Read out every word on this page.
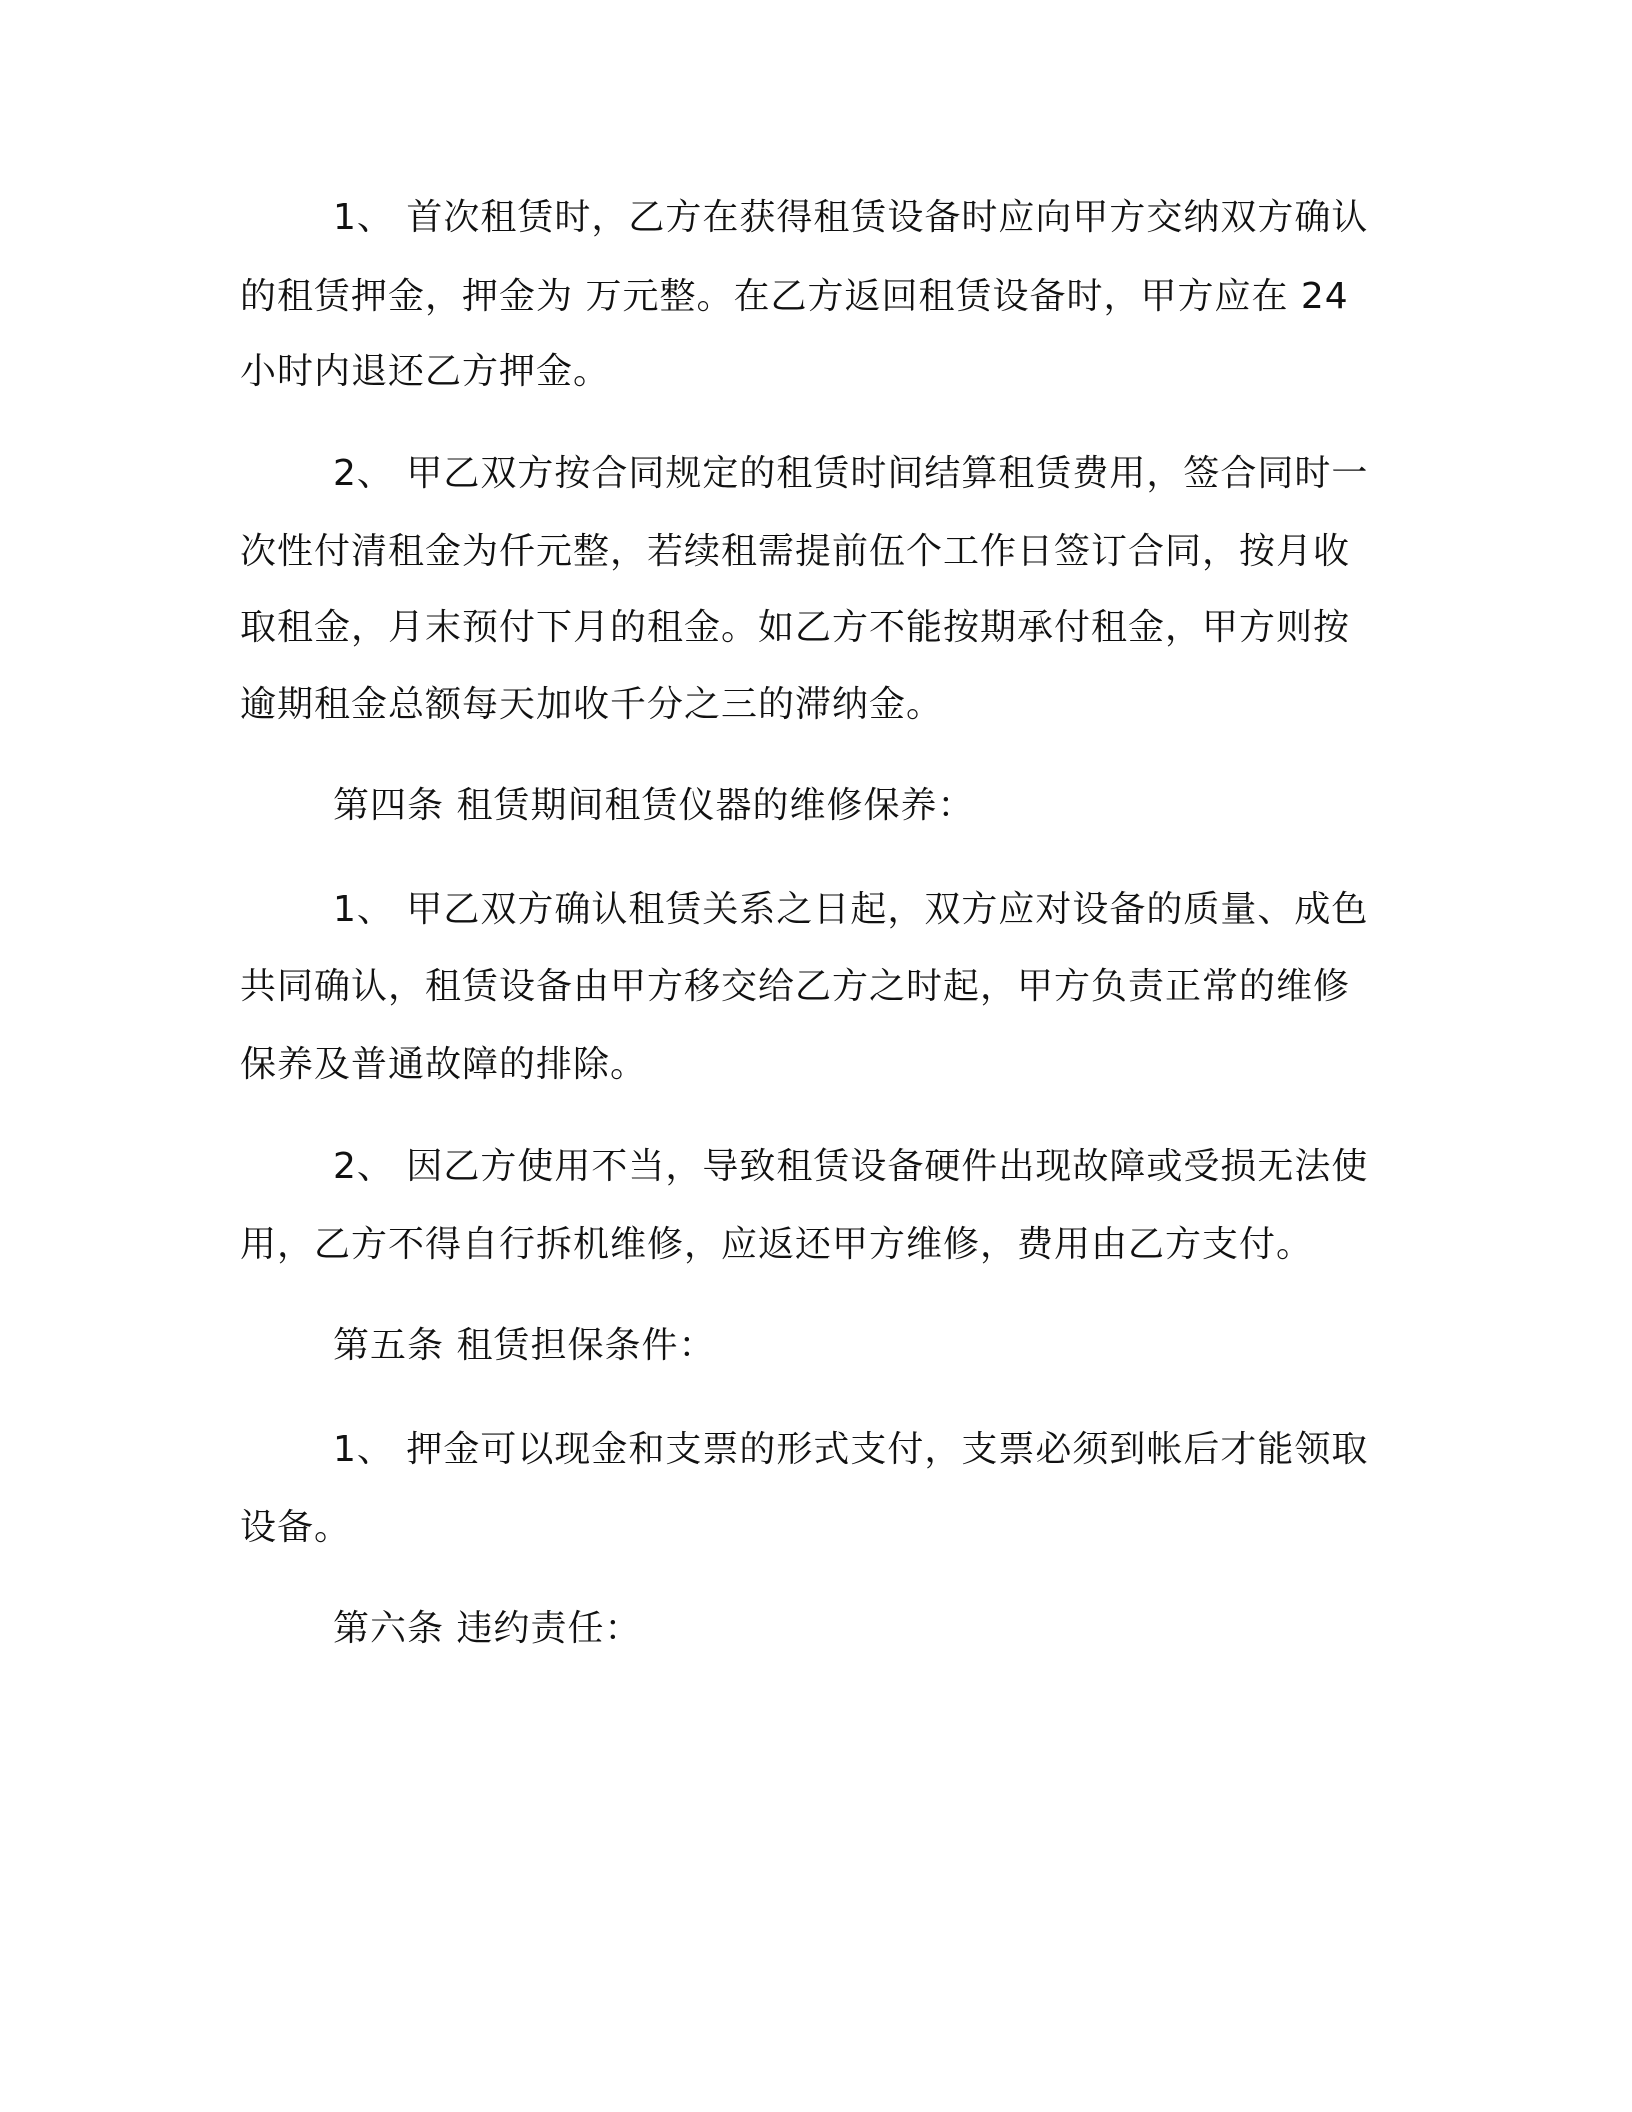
1、 首次租赁时，乙方在获得租赁设备时应向甲方交纳双方确认

的租赁押金，押金为 万元整。在乙方返回租赁设备时，甲方应在 24

小时内退还乙方押金。

2、 甲乙双方按合同规定的租赁时间结算租赁费用，签合同时一

次性付清租金为仟元整，若续租需提前伍个工作日签订合同，按月收

取租金，月末预付下月的租金。如乙方不能按期承付租金，甲方则按

逾期租金总额每天加收千分之三的滞纳金。

第四条 租赁期间租赁仪器的维修保养：

1、 甲乙双方确认租赁关系之日起，双方应对设备的质量、成色

共同确认，租赁设备由甲方移交给乙方之时起，甲方负责正常的维修

保养及普通故障的排除。

2、 因乙方使用不当，导致租赁设备硬件出现故障或受损无法使

用，乙方不得自行拆机维修，应返还甲方维修，费用由乙方支付。

第五条 租赁担保条件：

1、 押金可以现金和支票的形式支付，支票必须到帐后才能领取

设备。

第六条 违约责任：
